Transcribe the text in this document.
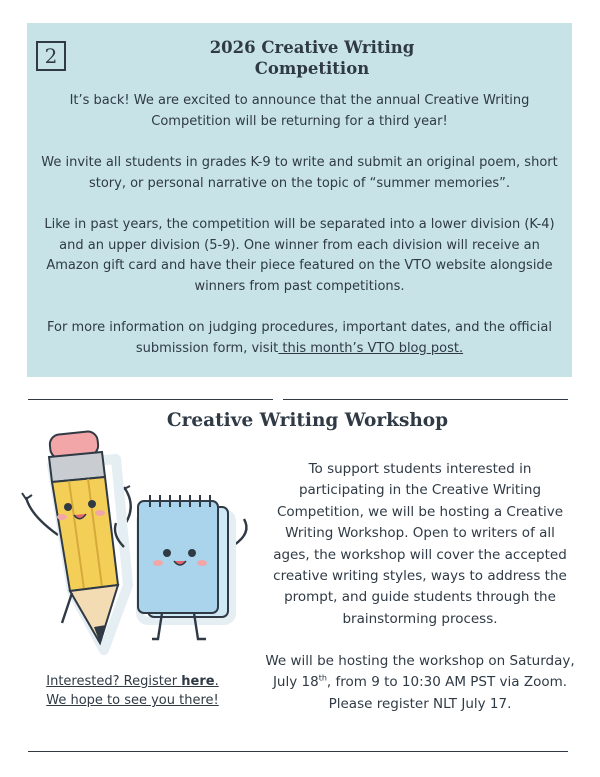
2	2026 Creative Writing
Competition

It’s back! We are excited to announce that the annual Creative Writing Competition will be returning for a third year!

We invite all students in grades K-9 to write and submit an original poem, short story, or personal narrative on the topic of “summer memories”.

Like in past years, the competition will be separated into a lower division (K-4) and an upper division (5-9). One winner from each division will receive an Amazon gift card and have their piece featured on the VTO website alongside winners from past competitions.

For more information on judging procedures, important dates, and the official submission form, visit this month’s VTO blog post.

Creative Writing Workshop
Interested? Register here.
We hope to see you there!

To support students interested in participating in the Creative Writing Competition, we will be hosting a Creative Writing Workshop. Open to writers of all ages, the workshop will cover the accepted creative writing styles, ways to address the prompt, and guide students through the brainstorming process.

We will be hosting the workshop on Saturday, July 18th, from 9 to 10:30 AM PST via Zoom. Please register NLT July 17.
